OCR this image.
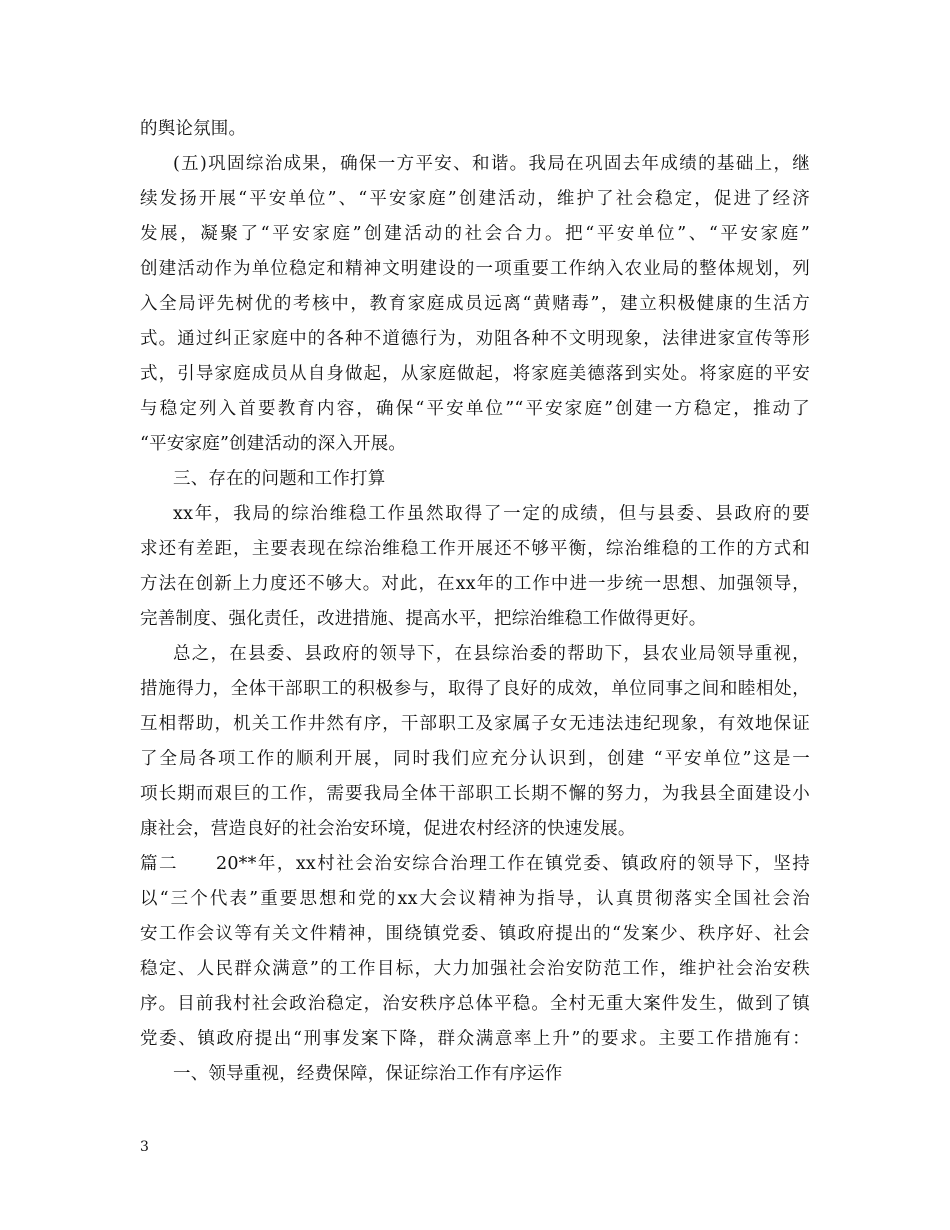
的舆论氛围。
(五)巩固综治成果，确保一方平安、和谐。我局在巩固去年成绩的基础上，继
续发扬开展“平安单位”、“平安家庭”创建活动，维护了社会稳定，促进了经济
发展，凝聚了“平安家庭”创建活动的社会合力。把“平安单位”、“平安家庭”
创建活动作为单位稳定和精神文明建设的一项重要工作纳入农业局的整体规划，列
入全局评先树优的考核中，教育家庭成员远离“黄赌毒”，建立积极健康的生活方
式。通过纠正家庭中的各种不道德行为，劝阻各种不文明现象，法律进家宣传等形
式，引导家庭成员从自身做起，从家庭做起，将家庭美德落到实处。将家庭的平安
与稳定列入首要教育内容，确保“平安单位”“平安家庭”创建一方稳定，推动了
“平安家庭”创建活动的深入开展。
三、存在的问题和工作打算
xx年，我局的综治维稳工作虽然取得了一定的成绩，但与县委、县政府的要
求还有差距，主要表现在综治维稳工作开展还不够平衡，综治维稳的工作的方式和
方法在创新上力度还不够大。对此，在xx年的工作中进一步统一思想、加强领导，
完善制度、强化责任，改进措施、提高水平，把综治维稳工作做得更好。
总之，在县委、县政府的领导下，在县综治委的帮助下，县农业局领导重视，
措施得力，全体干部职工的积极参与，取得了良好的成效，单位同事之间和睦相处，
互相帮助，机关工作井然有序，干部职工及家属子女无违法违纪现象，有效地保证
了全局各项工作的顺利开展，同时我们应充分认识到，创建 “平安单位”这是一
项长期而艰巨的工作，需要我局全体干部职工长期不懈的努力，为我县全面建设小
康社会，营造良好的社会治安环境，促进农村经济的快速发展。
篇二　　20**年，xx村社会治安综合治理工作在镇党委、镇政府的领导下，坚持
以“三个代表”重要思想和党的xx大会议精神为指导，认真贯彻落实全国社会治
安工作会议等有关文件精神，围绕镇党委、镇政府提出的“发案少、秩序好、社会
稳定、人民群众满意”的工作目标，大力加强社会治安防范工作，维护社会治安秩
序。目前我村社会政治稳定，治安秩序总体平稳。全村无重大案件发生，做到了镇
党委、镇政府提出“刑事发案下降，群众满意率上升”的要求。主要工作措施有：
一、领导重视，经费保障，保证综治工作有序运作
3
